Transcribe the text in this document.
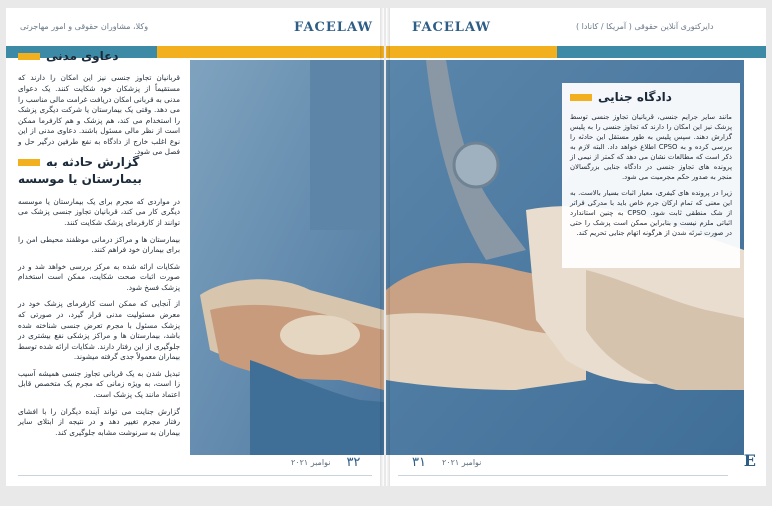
FACELAW
وکلا، مشاوران حقوقی و امور مهاجرتی
دعاوی مدنی

قربانیان تجاوز جنسی نیز این امکان را دارند که مستقیماً از پزشکان خود شکایت کنند. یک دعوای مدنی به قربانی امکان دریافت غرامت مالی مناسب را می دهد. وقتی یک بیمارستان یا شرکت دیگری پزشک را استخدام می کند، هم پزشک و هم کارفرما ممکن است از نظر مالی مسئول باشند. دعاوی مدنی از این نوع اغلب خارج از دادگاه به نفع طرفین درگیر حل و فصل می شود.

گزارش حادثه به
بیمارستان یا موسسه

در مواردی که مجرم برای یک بیمارستان یا موسسه دیگری کار می کند، قربانیان تجاوز جنسی پزشک می توانند از کارفرمای پزشک شکایت کنند.

بیمارستان ها و مراکز درمانی موظفند محیطی امن را برای بیماران خود فراهم کنند.

شکایات ارائه شده به مرکز بررسی خواهد شد و در صورت اثبات صحت شکایت، ممکن است استخدام پزشک فسخ شود.

از آنجایی که ممکن است کارفرمای پزشک خود در معرض مسئولیت مدنی قرار گیرد، در صورتی که پزشک مسئول با مجرم تعرض جنسی شناخته شده باشد، بیمارستان ها و مراکز پزشکی نفع بیشتری در جلوگیری از این رفتار دارند. شکایات ارائه شده توسط بیماران معمولاً جدی گرفته میشوند.

تبدیل شدن به یک قربانی تجاوز جنسی همیشه آسیب زا است، به ویژه زمانی که مجرم یک متخصص قابل اعتماد مانند یک پزشک است.

گزارش جنایت می تواند آینده دیگران را با افشای رفتار مجرم تغییر دهد و در نتیجه از ابتلای سایر بیماران به سرنوشت مشابه جلوگیری کند.

نوامبر ۲۰۲۱ ۳۲
FACELAW	دایرکتوری آنلاین حقوقی ( آمریکا / کانادا )
دادگاه جنایی

مانند سایر جرایم جنسی، قربانیان تجاوز جنسی توسط پزشک نیز این امکان را دارند که تجاوز جنسی را به پلیس گزارش دهند. سپس پلیس به طور مستقل این حادثه را بررسی کرده و به CPSO اطلاع خواهد داد. البته لازم به ذکر است که مطالعات نشان می دهد که کمتر از نیمی از پرونده های تجاوز جنسی در دادگاه جنایی بزرگسالان منجر به صدور حکم مجرمیت می شود.

زیرا در پرونده های کیفری، معیار اثبات بسیار بالاست. به این معنی که تمام ارکان جرم خاص باید با مدرکی فراتر از شک منطقی ثابت شود. CPSO به چنین استاندارد اثباتی ملزم نیست و بنابراین ممکن است پزشک را حتی در صورت تبرئه شدن از هرگونه اتهام جنایی تحریم کند.

۳۱ نوامبر ۲۰۲۱	E
